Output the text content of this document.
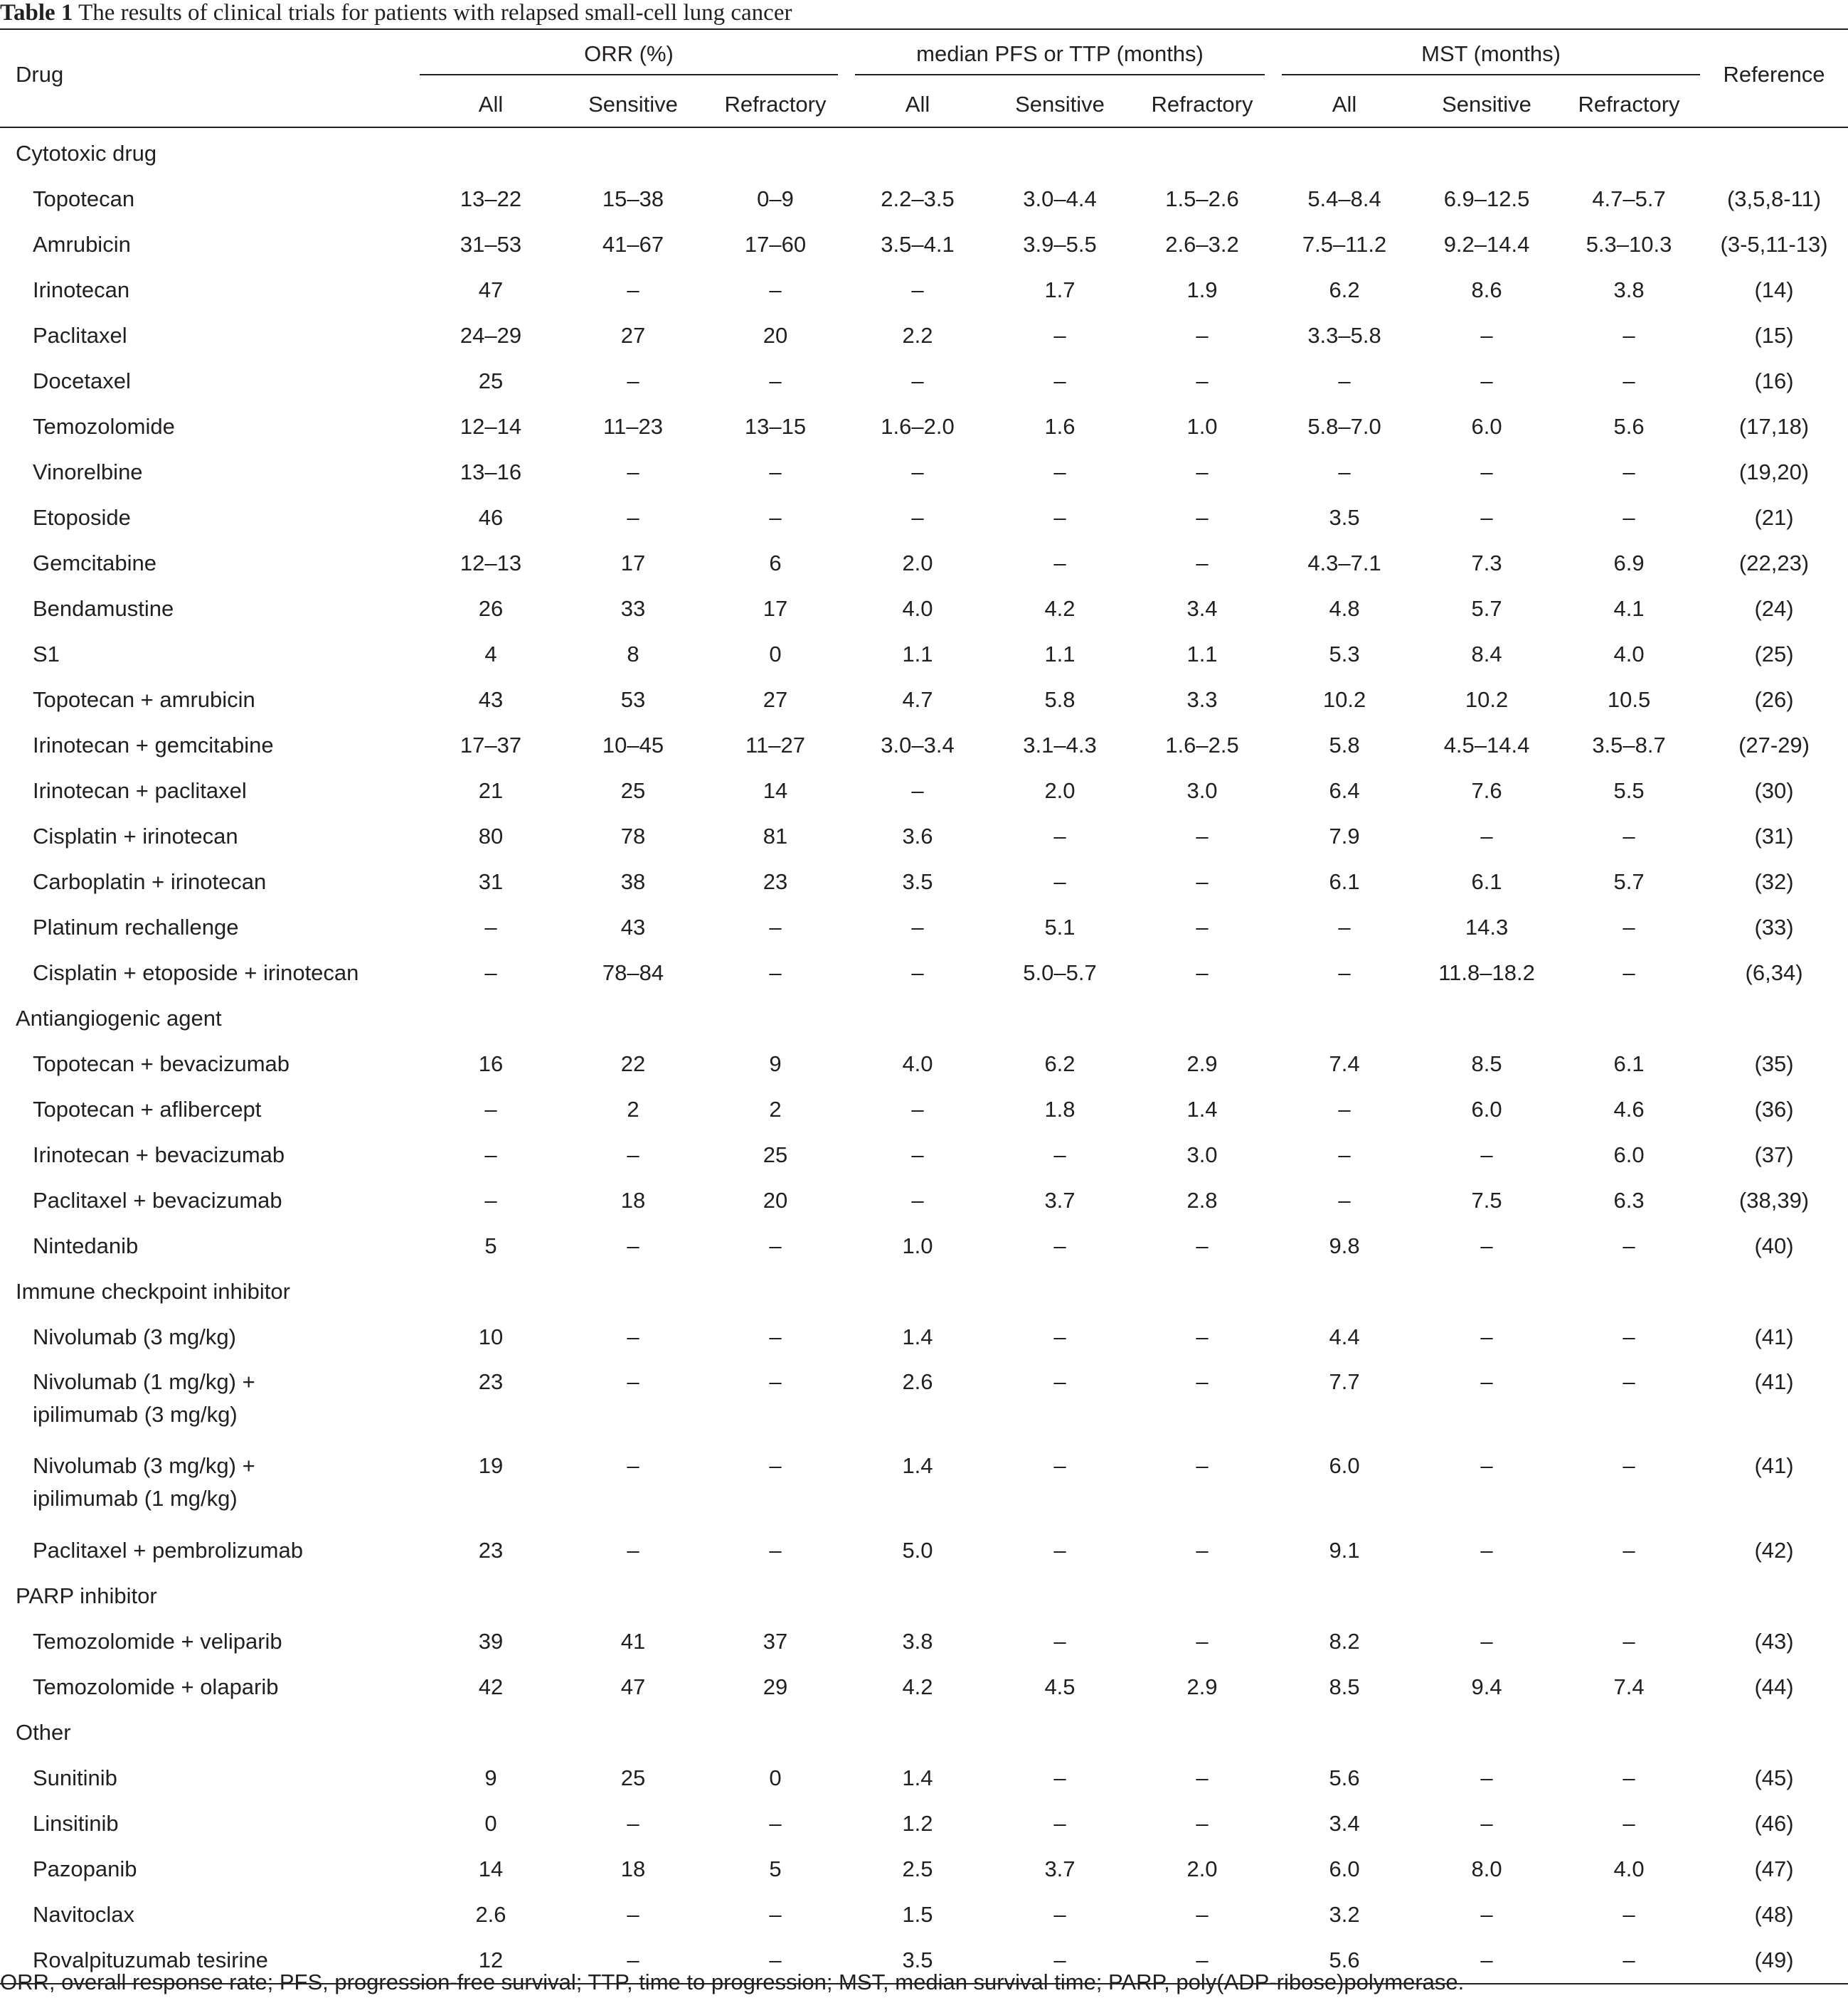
Table 1 The results of clinical trials for patients with relapsed small-cell lung cancer
Drug	ORR (%)			median PFS or TTP (months)			MST (months)			Reference
	All	Sensitive	Refractory	All	Sensitive	Refractory	All	Sensitive	Refractory	
Cytotoxic drug										
Topotecan	13–22	15–38	0–9	2.2–3.5	3.0–4.4	1.5–2.6	5.4–8.4	6.9–12.5	4.7–5.7	(3,5,8-11)
Amrubicin	31–53	41–67	17–60	3.5–4.1	3.9–5.5	2.6–3.2	7.5–11.2	9.2–14.4	5.3–10.3	(3-5,11-13)
Irinotecan	47	–	–	–	1.7	1.9	6.2	8.6	3.8	(14)
Paclitaxel	24–29	27	20	2.2	–	–	3.3–5.8	–	–	(15)
Docetaxel	25	–	–	–	–	–	–	–	–	(16)
Temozolomide	12–14	11–23	13–15	1.6–2.0	1.6	1.0	5.8–7.0	6.0	5.6	(17,18)
Vinorelbine	13–16	–	–	–	–	–	–	–	–	(19,20)
Etoposide	46	–	–	–	–	–	3.5	–	–	(21)
Gemcitabine	12–13	17	6	2.0	–	–	4.3–7.1	7.3	6.9	(22,23)
Bendamustine	26	33	17	4.0	4.2	3.4	4.8	5.7	4.1	(24)
S1	4	8	0	1.1	1.1	1.1	5.3	8.4	4.0	(25)
Topotecan + amrubicin	43	53	27	4.7	5.8	3.3	10.2	10.2	10.5	(26)
Irinotecan + gemcitabine	17–37	10–45	11–27	3.0–3.4	3.1–4.3	1.6–2.5	5.8	4.5–14.4	3.5–8.7	(27-29)
Irinotecan + paclitaxel	21	25	14	–	2.0	3.0	6.4	7.6	5.5	(30)
Cisplatin + irinotecan	80	78	81	3.6	–	–	7.9	–	–	(31)
Carboplatin + irinotecan	31	38	23	3.5	–	–	6.1	6.1	5.7	(32)
Platinum rechallenge	–	43	–	–	5.1	–	–	14.3	–	(33)
Cisplatin + etoposide + irinotecan	–	78–84	–	–	5.0–5.7	–	–	11.8–18.2	–	(6,34)
Antiangiogenic agent										
Topotecan + bevacizumab	16	22	9	4.0	6.2	2.9	7.4	8.5	6.1	(35)
Topotecan + aflibercept	–	2	2	–	1.8	1.4	–	6.0	4.6	(36)
Irinotecan + bevacizumab	–	–	25	–	–	3.0	–	–	6.0	(37)
Paclitaxel + bevacizumab	–	18	20	–	3.7	2.8	–	7.5	6.3	(38,39)
Nintedanib	5	–	–	1.0	–	–	9.8	–	–	(40)
Immune checkpoint inhibitor										
Nivolumab (3 mg/kg)	10	–	–	1.4	–	–	4.4	–	–	(41)
Nivolumab (1 mg/kg) +
ipilimumab (3 mg/kg)	23	–	–	2.6	–	–	7.7	–	–	(41)
Nivolumab (3 mg/kg) +
ipilimumab (1 mg/kg)	19	–	–	1.4	–	–	6.0	–	–	(41)
Paclitaxel + pembrolizumab	23	–	–	5.0	–	–	9.1	–	–	(42)
PARP inhibitor										
Temozolomide + veliparib	39	41	37	3.8	–	–	8.2	–	–	(43)
Temozolomide + olaparib	42	47	29	4.2	4.5	2.9	8.5	9.4	7.4	(44)
Other										
Sunitinib	9	25	0	1.4	–	–	5.6	–	–	(45)
Linsitinib	0	–	–	1.2	–	–	3.4	–	–	(46)
Pazopanib	14	18	5	2.5	3.7	2.0	6.0	8.0	4.0	(47)
Navitoclax	2.6	–	–	1.5	–	–	3.2	–	–	(48)
Rovalpituzumab tesirine	12	–	–	3.5	–	–	5.6	–	–	(49)
ORR, overall response rate; PFS, progression-free survival; TTP, time to progression; MST, median survival time; PARP, poly(ADP-ribose)polymerase.
